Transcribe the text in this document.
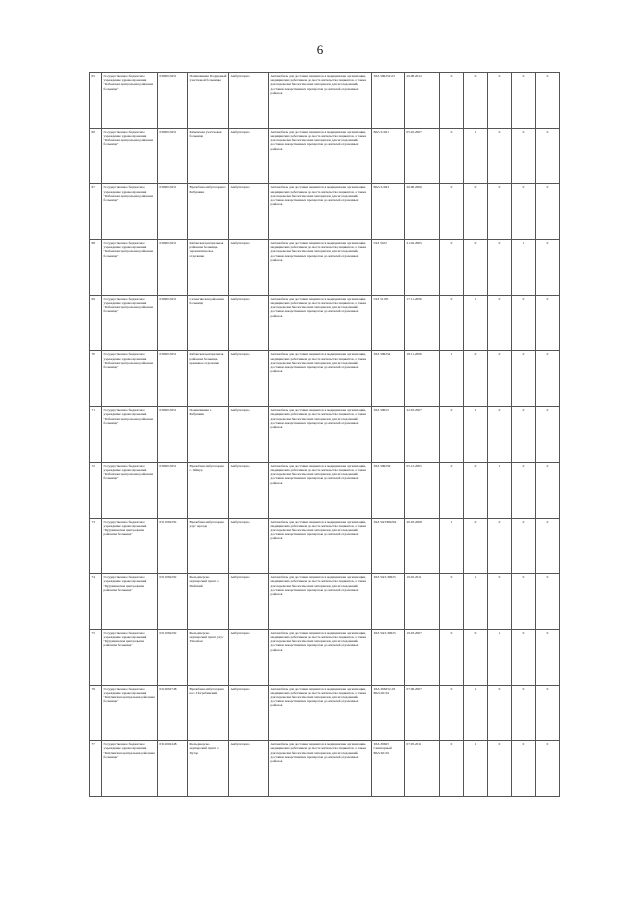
6
65	Государственное бюджетное учреждение здравоохранения "Кабанская центральная районная больница"	0309015651	Поликлиника Подрядный участковой больницы	Амбулаторно	Автомобиль для доставки пациентов в медицинские организации, медицинских работников до места жительства пациентов, а также для перевозки биологических материалов для исследований, доставки лекарственных препаратов до жителей отдаленных районов	УАЗ 396252-03	20.08.2012	0	0	0	0	0
66	Государственное бюджетное учреждение здравоохранения "Кабанская центральная районная больница"	0309015651	Каменская участковая больница	Амбулаторно	Автомобиль для доставки пациентов в медицинские организации, медицинских работников до места жительства пациентов, а также для перевозки биологических материалов для исследований, доставки лекарственных препаратов до жителей отдаленных районов	ВАЗ 21041	05.02.2007	0	1	0	0	0
67	Государственное бюджетное учреждение здравоохранения "Кабанская центральная районная больница"	0309015651	Врачебная амбулатория г. Бабушкин	Амбулаторно	Автомобиль для доставки пациентов в медицинские организации, медицинских работников до места жительства пациентов, а также для перевозки биологических материалов для исследований, доставки лекарственных препаратов до жителей отдаленных районов	ВАЗ 21043	26.06.2006	0	0	0	0	0
68	Государственное бюджетное учреждение здравоохранения "Кабанская центральная районная больница"	0309015651	Кабанская центральная районная больница, терапевтическое отделение	Амбулаторно	Автомобиль для доставки пациентов в медицинские организации, медицинских работников до места жительства пациентов, а также для перевозки биологических материалов для исследований, доставки лекарственных препаратов до жителей отдаленных районов	ГАЗ 3102	21.02.2005	0	0	0	1	0
69	Государственное бюджетное учреждение здравоохранения "Кабанская центральная районная больница"	0309015651	Селенгинская районная больница	Амбулаторно	Автомобиль для доставки пациентов в медицинские организации, медицинских работников до места жительства пациентов, а также для перевозки биологических материалов для исследований, доставки лекарственных препаратов до жителей отдаленных районов	ГАЗ 31105	17.11.2006	0	1	0	0	0
70	Государственное бюджетное учреждение здравоохранения "Кабанская центральная районная больница"	0309015651	Кабанская центральная районная больница, приемное отделение	Амбулаторно	Автомобиль для доставки пациентов в медицинские организации, медицинских работников до места жительства пациентов, а также для перевозки биологических материалов для исследований, доставки лекарственных препаратов до жителей отдаленных районов	УАЗ 396254	18.11.2006	1	0	0	0	0
71	Государственное бюджетное учреждение здравоохранения "Кабанская центральная районная больница"	0309015651	Поликлиника г. Бабушкин	Амбулаторно	Автомобиль для доставки пациентов в медицинские организации, медицинских работников до места жительства пациентов, а также для перевозки биологических материалов для исследований, доставки лекарственных препаратов до жителей отдаленных районов	УАЗ 39623	22.03.2007	0	1	0	0	0
72	Государственное бюджетное учреждение здравоохранения "Кабанская центральная районная больница"	0309015651	Врачебная амбулатория с. Оймур	Амбулаторно	Автомобиль для доставки пациентов в медицинские организации, медицинских работников до места жительства пациентов, а также для перевозки биологических материалов для исследований, доставки лекарственных препаратов до жителей отдаленных районов	УАЗ 396259	05.12.2005	0	0	1	0	0
73	Государственное бюджетное учреждение здравоохранения "Курумканская центральная районная больница"	0311002250	Врачебная амбулатория улус Аргада	Амбулаторно	Автомобиль для доставки пациентов в медицинские организации, медицинских работников до места жительства пациентов, а также для перевозки биологических материалов для исследований, доставки лекарственных препаратов до жителей отдаленных районов	УАЗ УАЗ396294	20.03.2008	1	0	0	0	0
74	Государственное бюджетное учреждение здравоохранения "Курумканская центральная районная больница"	0311002250	Фельдшерско-акушерский пункт с. Майский	Амбулаторно	Автомобиль для доставки пациентов в медицинские организации, медицинских работников до места жительства пациентов, а также для перевозки биологических материалов для исследований, доставки лекарственных препаратов до жителей отдаленных районов	УАЗ УАЗ-39623	19.02.2011	0	1	0	0	0
75	Государственное бюджетное учреждение здравоохранения "Курумканская центральная районная больница"	0311002250	Фельдшерско-акушерский пункт улус Улюнхан	Амбулаторно	Автомобиль для доставки пациентов в медицинские организации, медицинских работников до места жительства пациентов, а также для перевозки биологических материалов для исследований, доставки лекарственных препаратов до жителей отдаленных районов	УАЗ УАЗ-39623	19.03.2007	0	0	1	0	0
76	Государственное бюджетное учреждение здравоохранения "Кяхтинская центральная районная больница"	0312002748	Врачебная амбулатория пос. Погребинский	Амбулаторно	Автомобиль для доставки пациентов в медицинские организации, медицинских работников до места жительства пациентов, а также для перевозки биологических материалов для исследований, доставки лекарственных препаратов до жителей отдаленных районов	УАЗ-396252-03 ВАЗ-92101	07.06.2007	0	1	0	0	0
77	Государственное бюджетное учреждение здравоохранения "Кяхтинская центральная районная больница"	0312002248	Фельдшерско-акушерский пункт с. Хутор	Амбулаторно	Автомобиль для доставки пациентов в медицинские организации, медицинских работников до места жительства пациентов, а также для перевозки биологических материалов для исследований, доставки лекарственных препаратов до жителей отдаленных районов	УАЗ-39625 Санитарный ВАЗ-92101	07.05.2011	0	1	0	0	0
